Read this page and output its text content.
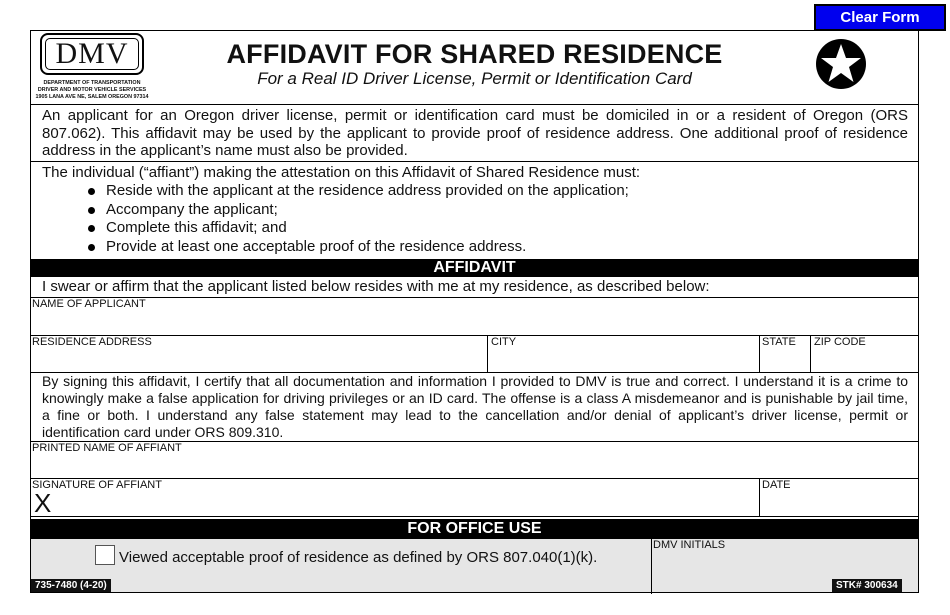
Clear Form
DMV
DEPARTMENT OF TRANSPORTATION
DRIVER AND MOTOR VEHICLE SERVICES
1905 LANA AVE NE, SALEM OREGON 97314
AFFIDAVIT FOR SHARED RESIDENCE
For a Real ID Driver License, Permit or Identification Card
An applicant for an Oregon driver license, permit or identification card must be domiciled in or a resident of Oregon (ORS 807.062). This affidavit may be used by the applicant to provide proof of residence address. One additional proof of residence address in the applicant’s name must also be provided.
The individual (“affiant”) making the attestation on this Affidavit of Shared Residence must:
Reside with the applicant at the residence address provided on the application;
Accompany the applicant;
Complete this affidavit; and
Provide at least one acceptable proof of the residence address.
AFFIDAVIT
I swear or affirm that the applicant listed below resides with me at my residence, as described below:
NAME OF APPLICANT
RESIDENCE ADDRESS	CITY	STATE ZIP CODE
By signing this affidavit, I certify that all documentation and information I provided to DMV is true and correct. I understand it is a crime to knowingly make a false application for driving privileges or an ID card. The offense is a class A misdemeanor and is punishable by jail time, a fine or both. I understand any false statement may lead to the cancellation and/or denial of applicant’s driver license, permit or identification card under ORS 809.310.
PRINTED NAME OF AFFIANT
SIGNATURE OF AFFIANT
X
DATE
FOR OFFICE USE
Viewed acceptable proof of residence as defined by ORS 807.040(1)(k).
DMV INITIALS
735-7480 (4-20)	STK# 300634
